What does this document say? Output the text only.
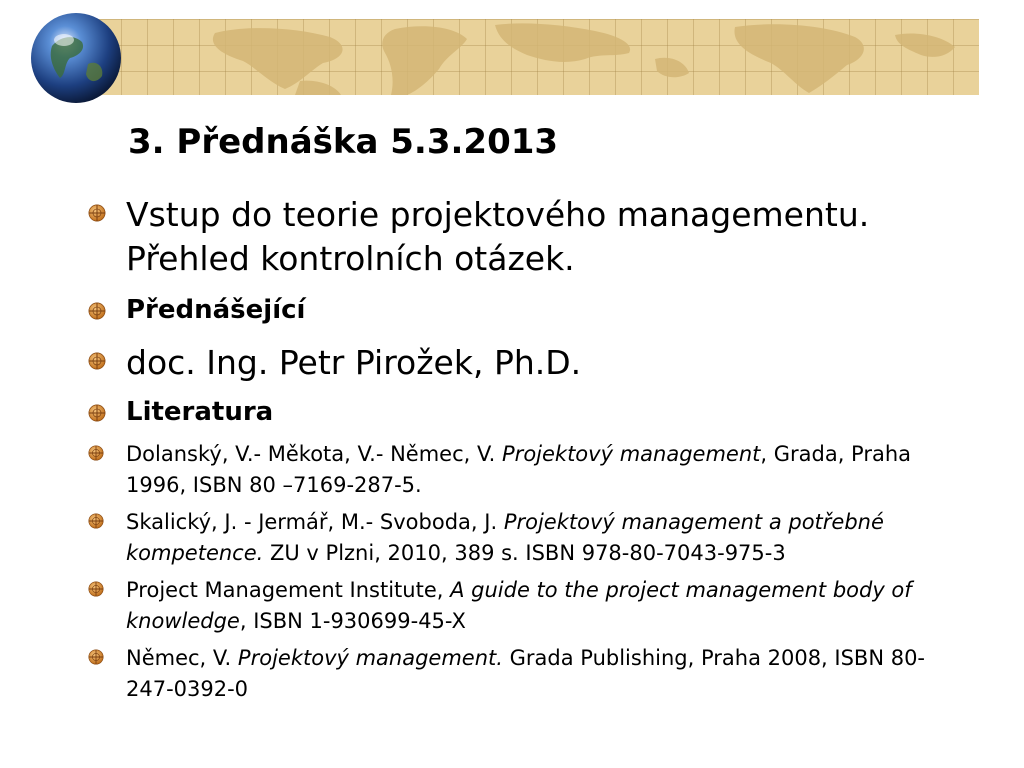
3. Přednáška 5.3.2013
Vstup do teorie projektového managementu. Přehled kontrolních otázek.
Přednášející
doc. Ing. Petr Pirožek, Ph.D.
Literatura
Dolanský, V.- Měkota, V.- Němec, V. Projektový management, Grada, Praha 1996, ISBN 80 –7169-287-5.
Skalický, J. - Jermář, M.- Svoboda, J. Projektový management a potřebné kompetence. ZU v Plzni, 2010, 389 s. ISBN 978-80-7043-975-3
Project Management Institute, A guide to the project management body of knowledge, ISBN 1-930699-45-X
Němec, V. Projektový management. Grada Publishing, Praha 2008, ISBN 80-247-0392-0
